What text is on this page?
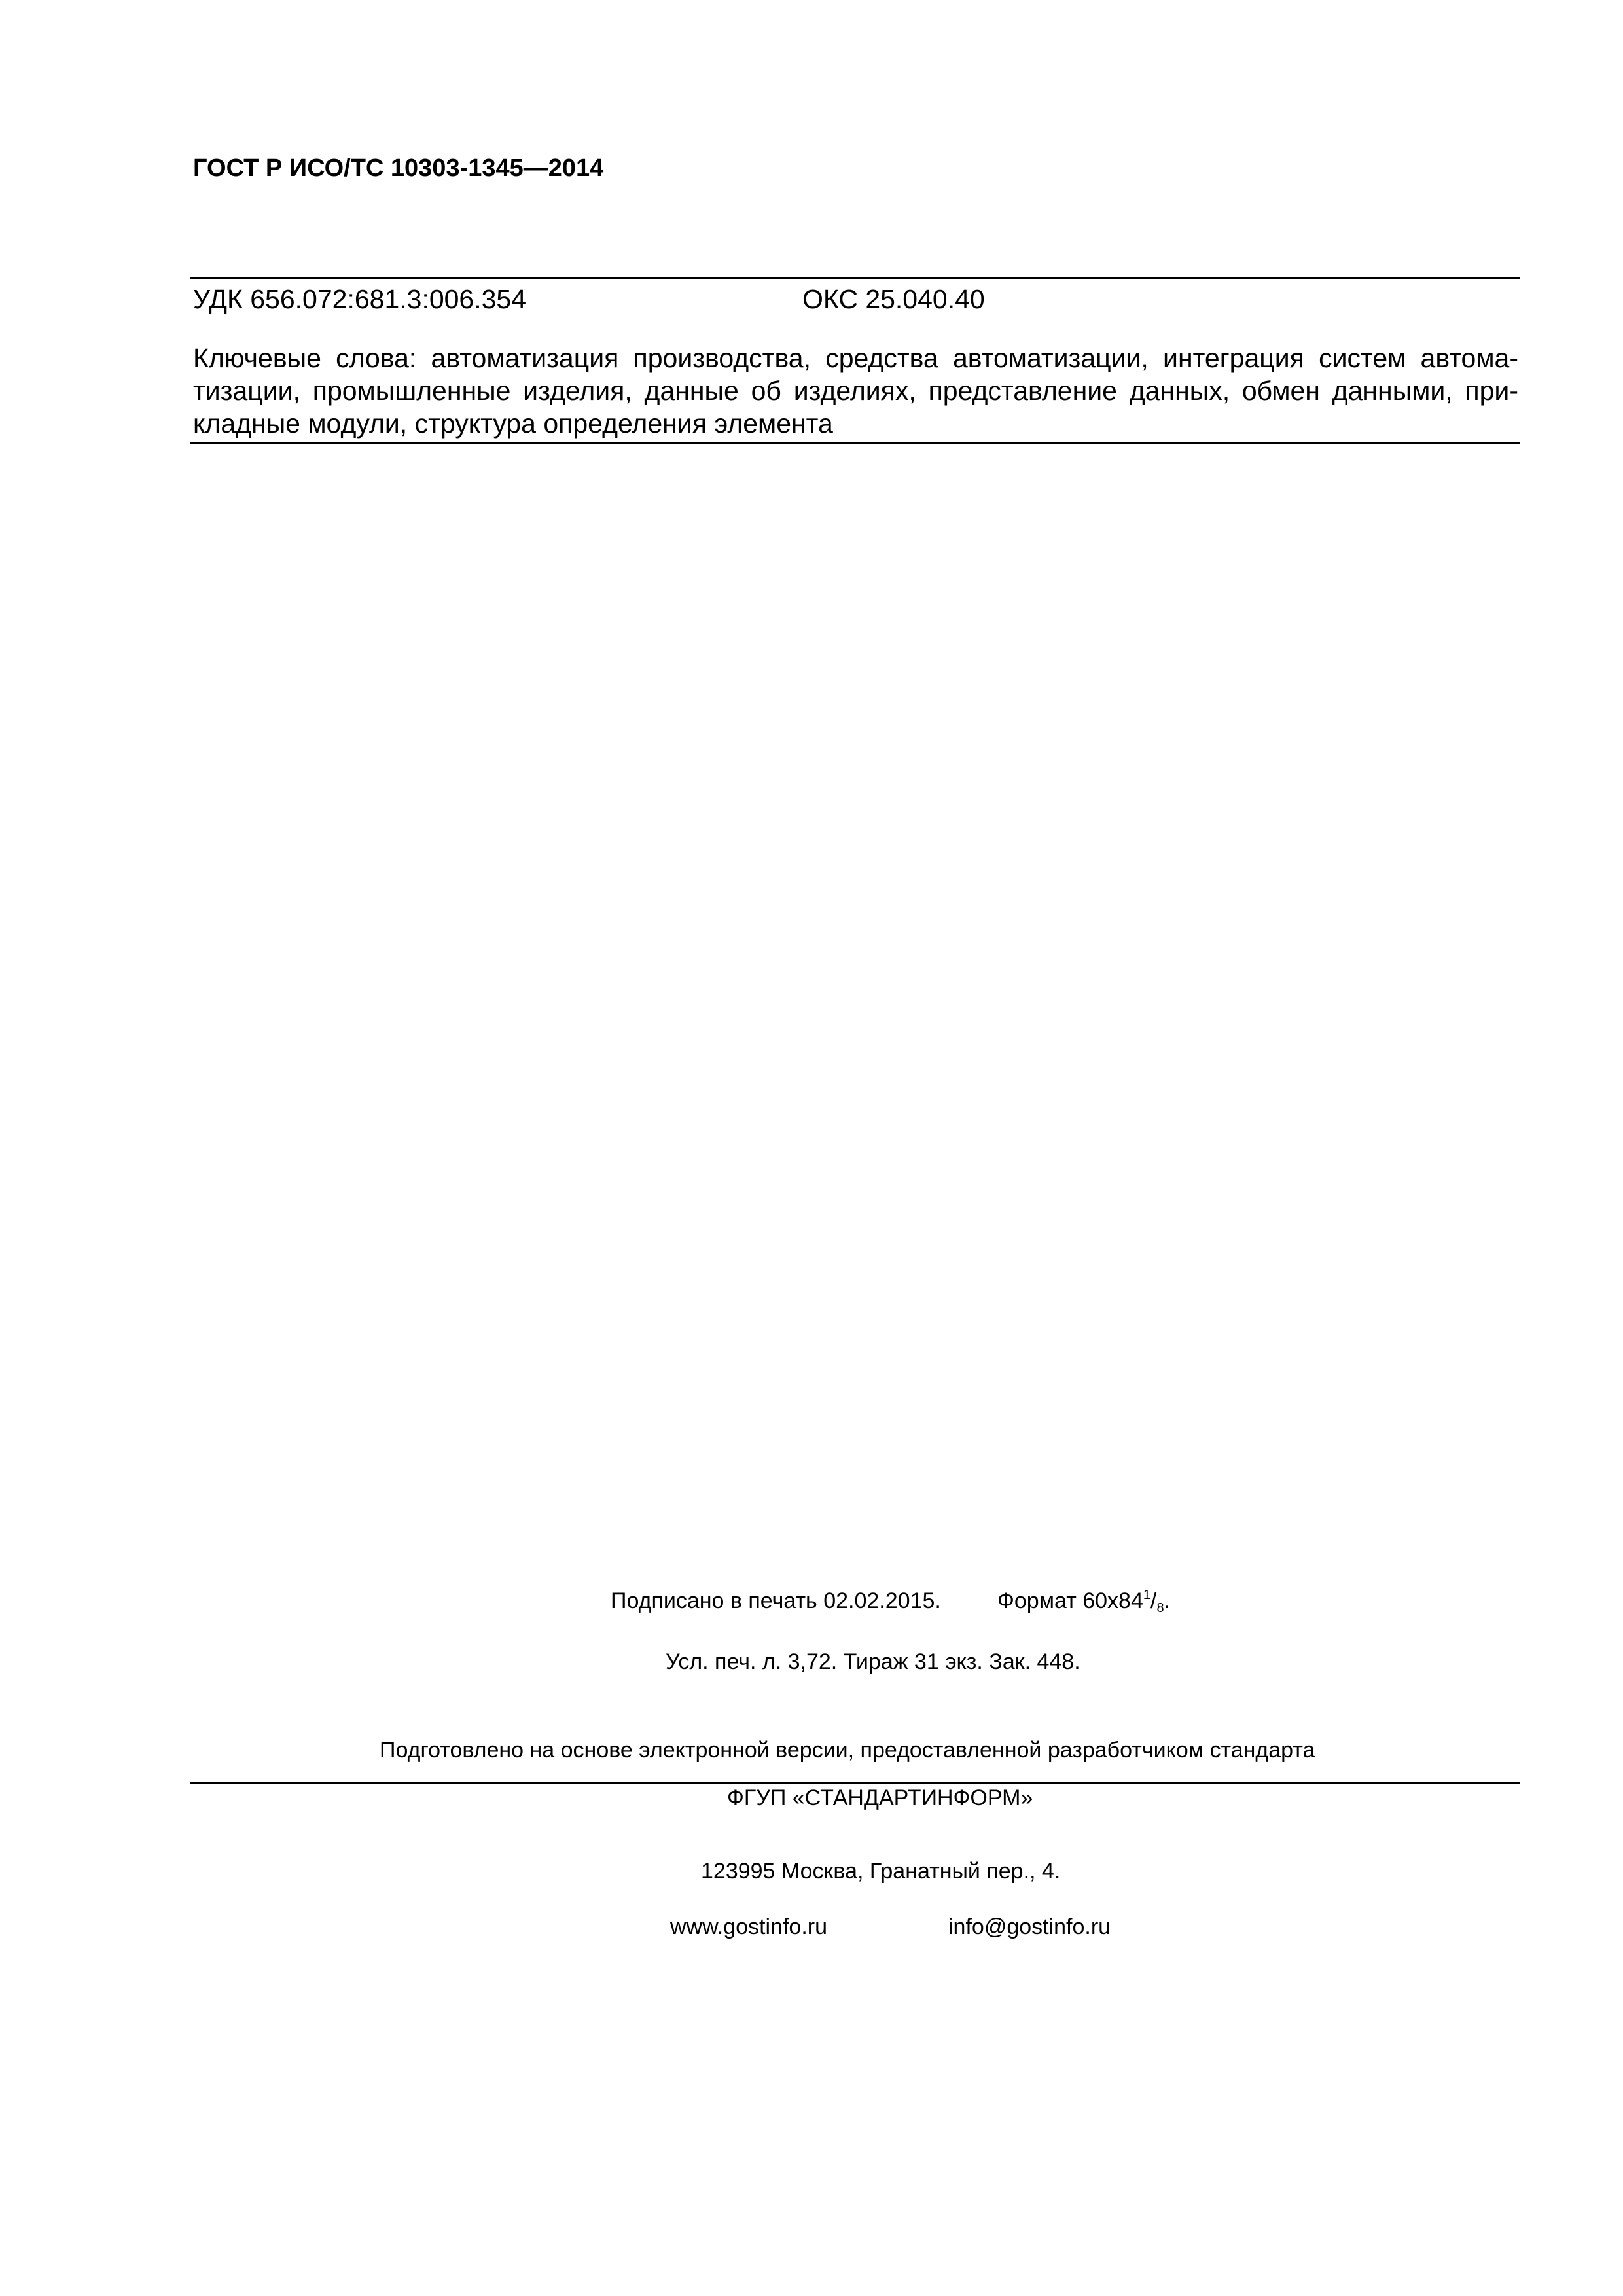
ГОСТ Р ИСО/ТС 10303-1345—2014
УДК 656.072:681.3:006.354	ОКС 25.040.40
Ключевые слова: автоматизация производства, средства автоматизации, интеграция систем автома-
тизации, промышленные изделия, данные об изделиях, представление данных, обмен данными, при-
кладные модули, структура определения элемента
Подписано в печать 02.02.2015.	Формат $60x84^1/_8$.
Усл. печ. л. 3,72. Тираж 31 экз. Зак. 448.
Подготовлено на основе электронной версии, предоставленной разработчиком стандарта
ФГУП «СТАНДАРТИНФОРМ»
123995 Москва, Гранатный пер., 4.
www.gostinfo.ru	info@gostinfo.ru
